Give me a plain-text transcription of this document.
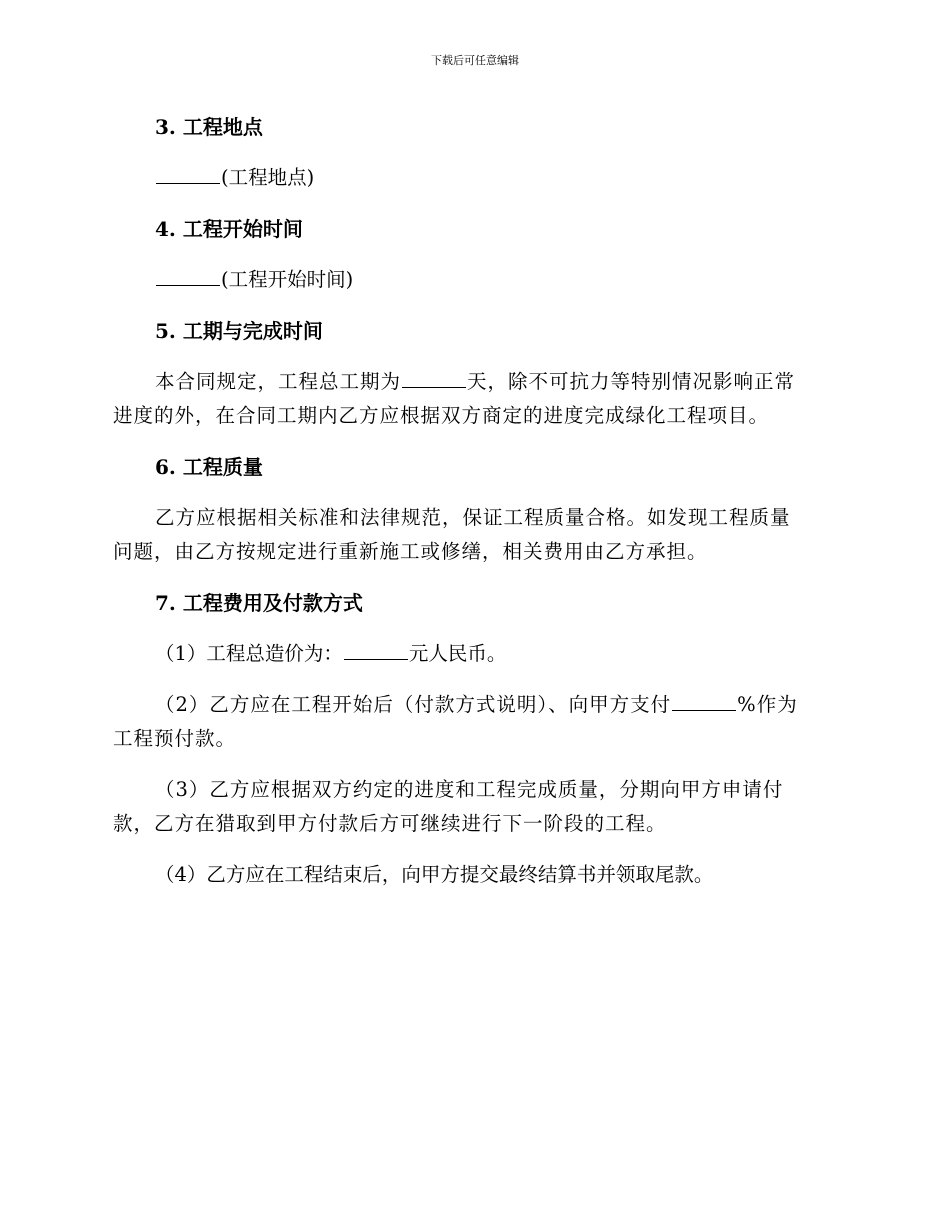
下载后可任意编辑
3. 工程地点
(工程地点)
4. 工程开始时间
(工程开始时间)
5. 工期与完成时间
本合同规定，工程总工期为	天，除不可抗力等特别情况影响正常
进度的外，在合同工期内乙方应根据双方商定的进度完成绿化工程项目。
6. 工程质量
乙方应根据相关标准和法律规范，保证工程质量合格。如发现工程质量
问题，由乙方按规定进行重新施工或修缮，相关费用由乙方承担。
7. 工程费用及付款方式
（1）工程总造价为：	元人民币。
（2）乙方应在工程开始后（付款方式说明）、向甲方支付	%作为
工程预付款。
（3）乙方应根据双方约定的进度和工程完成质量，分期向甲方申请付
款，乙方在猎取到甲方付款后方可继续进行下一阶段的工程。
（4）乙方应在工程结束后，向甲方提交最终结算书并领取尾款。
